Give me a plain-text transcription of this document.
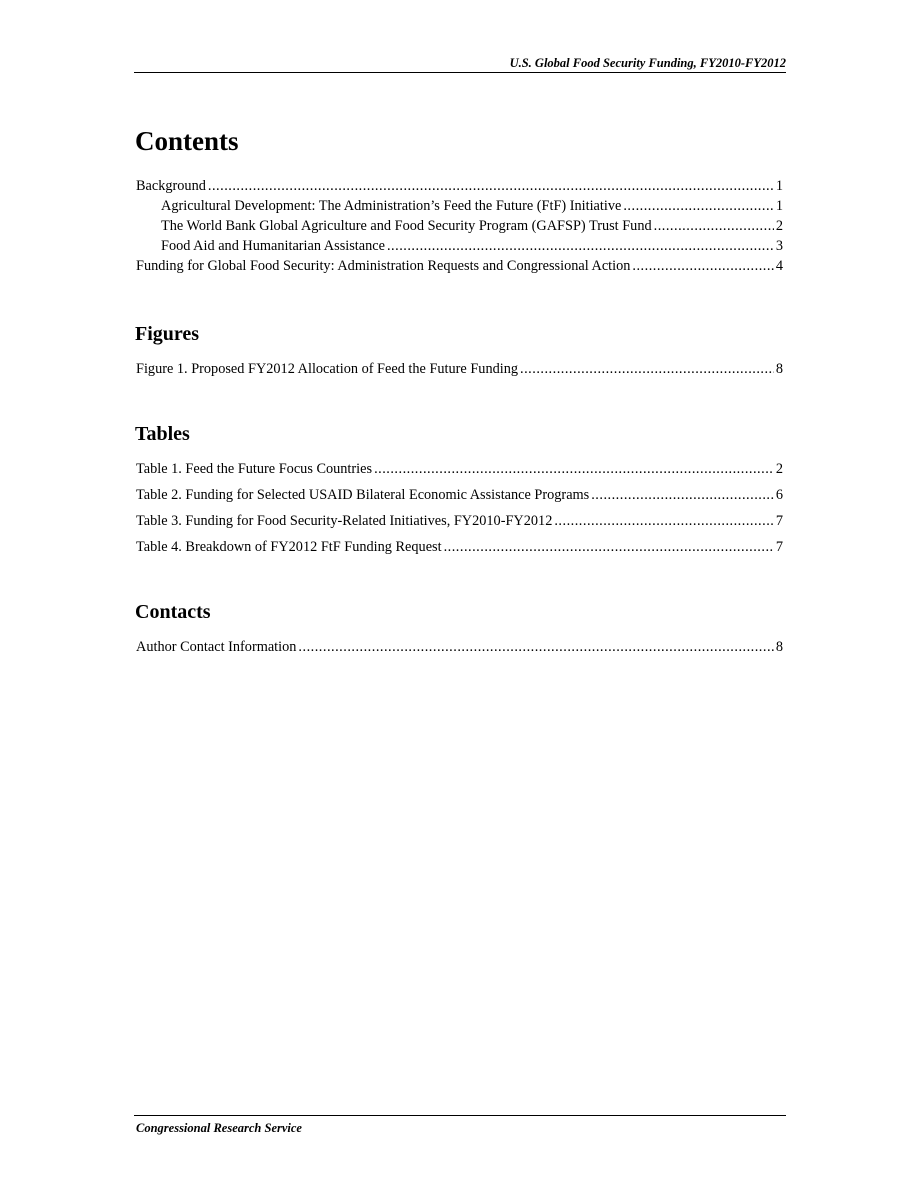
U.S. Global Food Security Funding, FY2010-FY2012
Contents
Background .....	1
Agricultural Development: The Administration’s Feed the Future (FtF) Initiative .....	1
The World Bank Global Agriculture and Food Security Program (GAFSP) Trust Fund .....	2
Food Aid and Humanitarian Assistance .....	3
Funding for Global Food Security: Administration Requests and Congressional Action .....	4
Figures
Figure 1. Proposed FY2012 Allocation of Feed the Future Funding .....	8
Tables
Table 1. Feed the Future Focus Countries .....	2
Table 2. Funding for Selected USAID Bilateral Economic Assistance Programs .....	6
Table 3. Funding for Food Security-Related Initiatives, FY2010-FY2012 .....	7
Table 4. Breakdown of FY2012 FtF Funding Request .....	7
Contacts
Author Contact Information .....	8
Congressional Research Service
